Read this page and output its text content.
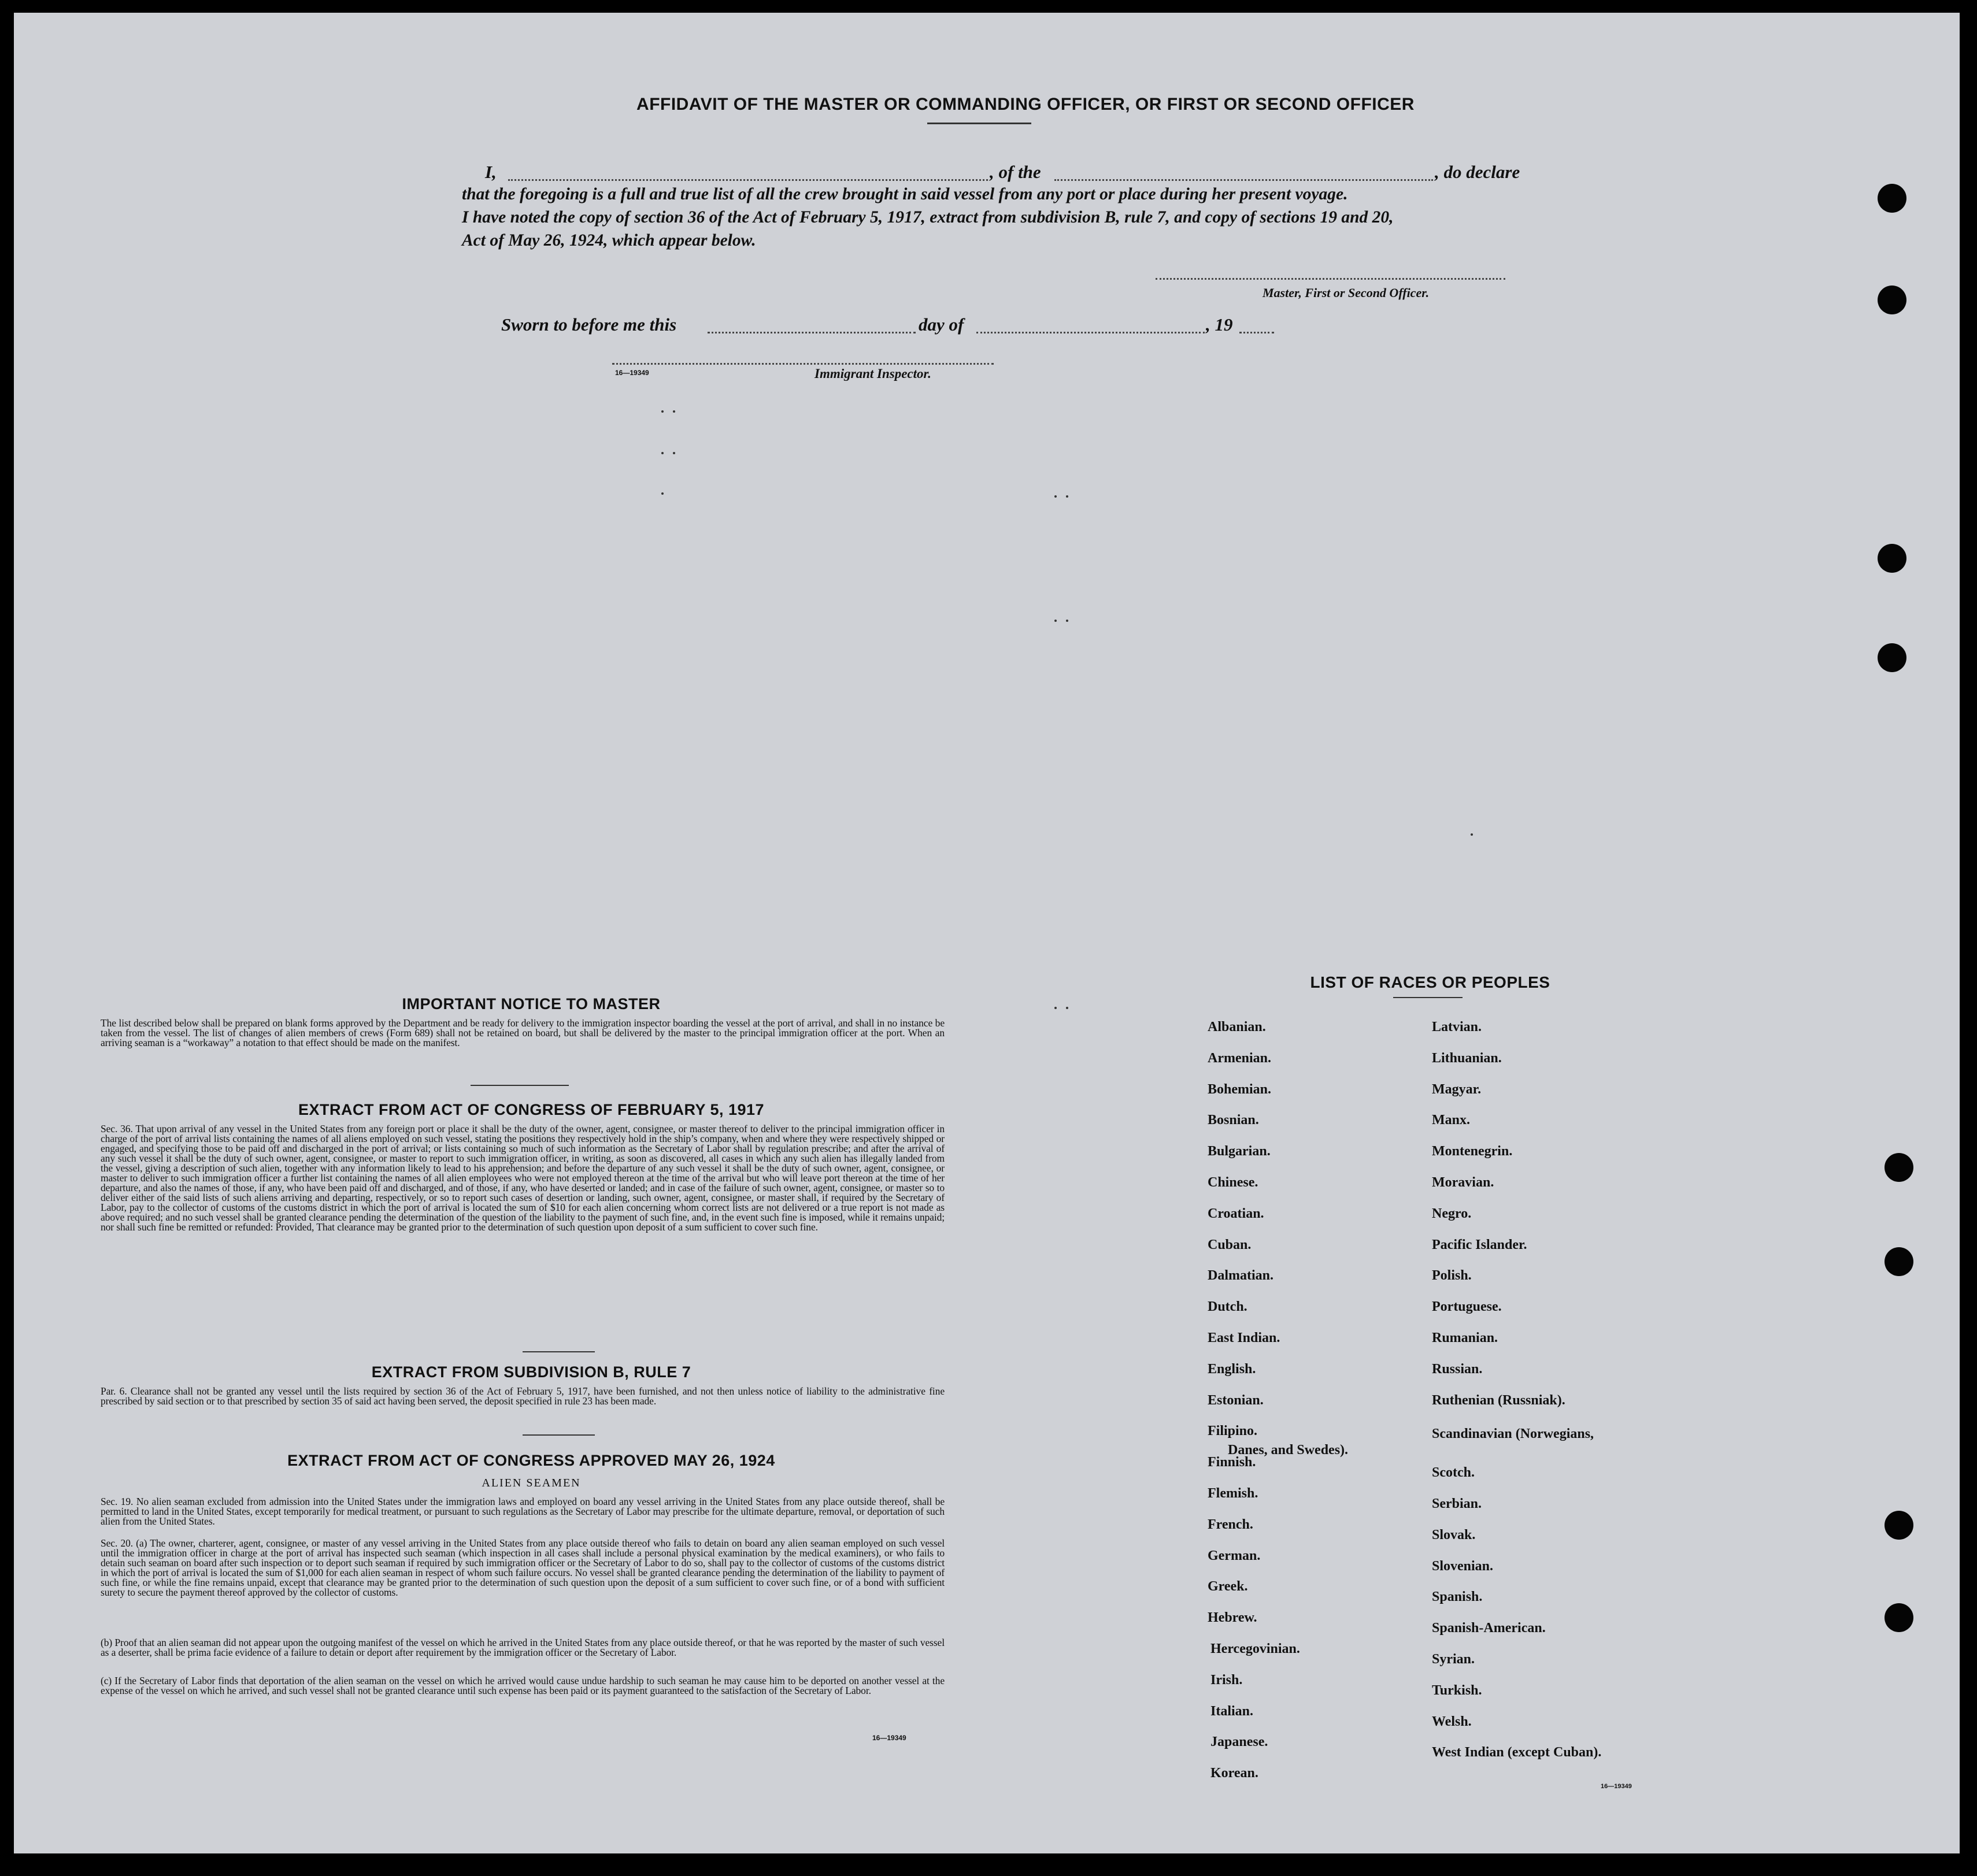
AFFIDAVIT OF THE MASTER OR COMMANDING OFFICER, OR FIRST OR SECOND OFFICER
I,	, of the	, do declare
that the foregoing is a full and true list of all the crew brought in said vessel from any port or place during her present voyage.
I have noted the copy of section 36 of the Act of February 5, 1917, extract from subdivision B, rule 7, and copy of sections 19 and 20,
Act of May 26, 1924, which appear below.
Master, First or Second Officer.
Sworn to before me this	day of	, 19
16—19349	Immigrant Inspector.
IMPORTANT NOTICE TO MASTER
The list described below shall be prepared on blank forms approved by the Department and be ready for delivery to the immigration inspector boarding the vessel at the port of arrival, and shall in no instance be taken from the vessel. The list of changes of alien members of crews (Form 689) shall not be retained on board, but shall be delivered by the master to the principal immigration officer at the port. When an arriving seaman is a “workaway” a notation to that effect should be made on the manifest.
EXTRACT FROM ACT OF CONGRESS OF FEBRUARY 5, 1917
Sec. 36. That upon arrival of any vessel in the United States from any foreign port or place it shall be the duty of the owner, agent, consignee, or master thereof to deliver to the principal immigration officer in charge of the port of arrival lists containing the names of all aliens employed on such vessel, stating the positions they respectively hold in the ship’s company, when and where they were respectively shipped or engaged, and specifying those to be paid off and discharged in the port of arrival; or lists containing so much of such information as the Secretary of Labor shall by regulation prescribe; and after the arrival of any such vessel it shall be the duty of such owner, agent, consignee, or master to report to such immigration officer, in writing, as soon as discovered, all cases in which any such alien has illegally landed from the vessel, giving a description of such alien, together with any information likely to lead to his apprehension; and before the departure of any such vessel it shall be the duty of such owner, agent, consignee, or master to deliver to such immigration officer a further list containing the names of all alien employees who were not employed thereon at the time of the arrival but who will leave port thereon at the time of her departure, and also the names of those, if any, who have been paid off and discharged, and of those, if any, who have deserted or landed; and in case of the failure of such owner, agent, consignee, or master so to deliver either of the said lists of such aliens arriving and departing, respectively, or so to report such cases of desertion or landing, such owner, agent, consignee, or master shall, if required by the Secretary of Labor, pay to the collector of customs of the customs district in which the port of arrival is located the sum of $10 for each alien concerning whom correct lists are not delivered or a true report is not made as above required; and no such vessel shall be granted clearance pending the determination of the question of the liability to the payment of such fine, and, in the event such fine is imposed, while it remains unpaid; nor shall such fine be remitted or refunded: Provided, That clearance may be granted prior to the determination of such question upon deposit of a sum sufficient to cover such fine.
EXTRACT FROM SUBDIVISION B, RULE 7
Par. 6. Clearance shall not be granted any vessel until the lists required by section 36 of the Act of February 5, 1917, have been furnished, and not then unless notice of liability to the administrative fine prescribed by said section or to that prescribed by section 35 of said act having been served, the deposit specified in rule 23 has been made.
EXTRACT FROM ACT OF CONGRESS APPROVED MAY 26, 1924
ALIEN SEAMEN
Sec. 19. No alien seaman excluded from admission into the United States under the immigration laws and employed on board any vessel arriving in the United States from any place outside thereof, shall be permitted to land in the United States, except temporarily for medical treatment, or pursuant to such regulations as the Secretary of Labor may prescribe for the ultimate departure, removal, or deportation of such alien from the United States.
Sec. 20. (a) The owner, charterer, agent, consignee, or master of any vessel arriving in the United States from any place outside thereof who fails to detain on board any alien seaman employed on such vessel until the immigration officer in charge at the port of arrival has inspected such seaman (which inspection in all cases shall include a personal physical examination by the medical examiners), or who fails to detain such seaman on board after such inspection or to deport such seaman if required by such immigration officer or the Secretary of Labor to do so, shall pay to the collector of customs of the customs district in which the port of arrival is located the sum of $1,000 for each alien seaman in respect of whom such failure occurs. No vessel shall be granted clearance pending the determination of the liability to payment of such fine, or while the fine remains unpaid, except that clearance may be granted prior to the determination of such question upon the deposit of a sum sufficient to cover such fine, or of a bond with sufficient surety to secure the payment thereof approved by the collector of customs.
(b) Proof that an alien seaman did not appear upon the outgoing manifest of the vessel on which he arrived in the United States from any place outside thereof, or that he was reported by the master of such vessel as a deserter, shall be prima facie evidence of a failure to detain or deport after requirement by the immigration officer or the Secretary of Labor.
(c) If the Secretary of Labor finds that deportation of the alien seaman on the vessel on which he arrived would cause undue hardship to such seaman he may cause him to be deported on another vessel at the expense of the vessel on which he arrived, and such vessel shall not be granted clearance until such expense has been paid or its payment guaranteed to the satisfaction of the Secretary of Labor.
16—19349
LIST OF RACES OR PEOPLES
Albanian.
Armenian.
Bohemian.
Bosnian.
Bulgarian.
Chinese.
Croatian.
Cuban.
Dalmatian.
Dutch.
East Indian.
English.
Estonian.
Filipino.
Finnish.
Flemish.
French.
German.
Greek.
Hebrew.
Hercegovinian.
Irish.
Italian.
Japanese.
Korean.
Latvian.
Lithuanian.
Magyar.
Manx.
Montenegrin.
Moravian.
Negro.
Pacific Islander.
Polish.
Portuguese.
Rumanian.
Russian.
Ruthenian (Russniak).
Scandinavian (Norwegians,
Danes, and Swedes).
Scotch.
Serbian.
Slovak.
Slovenian.
Spanish.
Spanish-American.
Syrian.
Turkish.
Welsh.
West Indian (except Cuban).
16—19349
